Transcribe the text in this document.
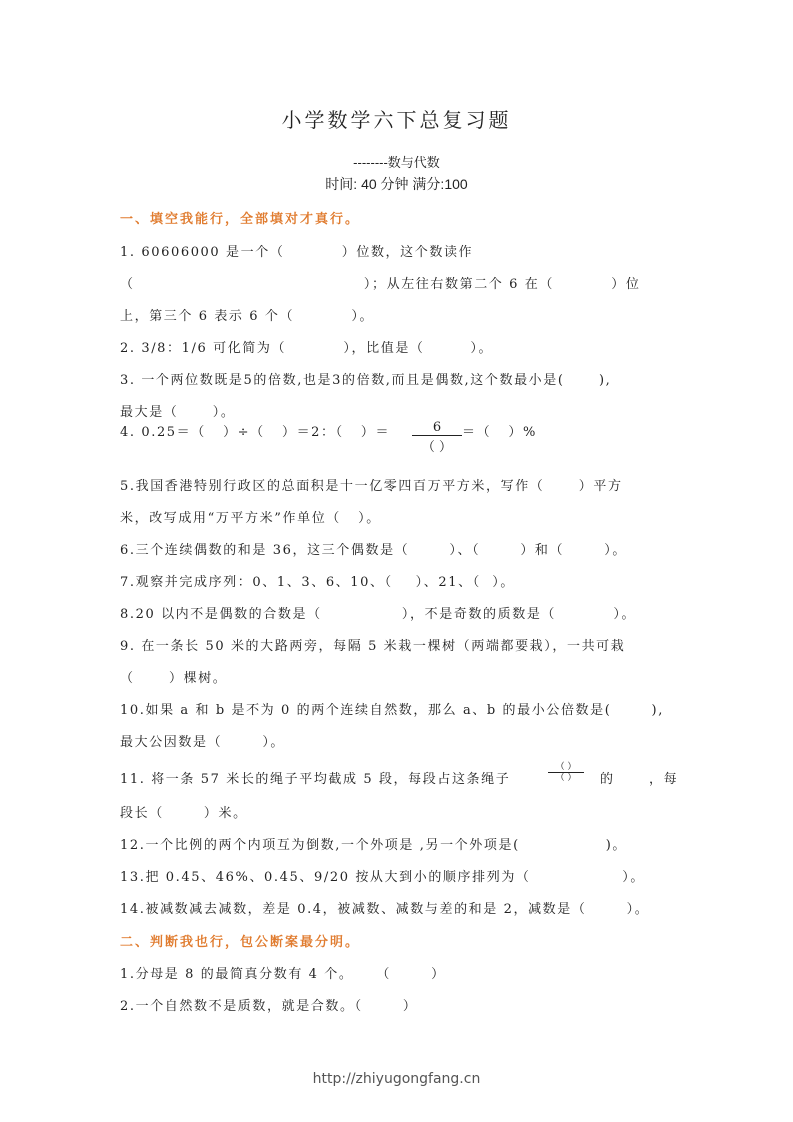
小学数学六下总复习题
--------数与代数
时间: 40 分钟 满分:100
一、填空我能行，全部填对才真行。
1. 60606000 是一个（          ）位数，这个数读作
（                                        ）；从左往右数第二个 6 在（          ）位
上，第三个 6 表示 6 个（          ）。
2. 3/8：1/6 可化简为（          ），比值是（        ）。
3. 一个两位数既是5的倍数,也是3的倍数,而且是偶数,这个数最小是(      ),
最大是（      ）。
4. 0.25＝（   ）÷（   ）＝2：（   ）＝	6
（ ）
＝（   ）%
5.我国香港特别行政区的总面积是十一亿零四百万平方米，写作（      ）平方
米，改写成用“万平方米”作单位（   ）。
6.三个连续偶数的和是 36，这三个偶数是（       ）、（       ）和（       ）。
7.观察并完成序列：0、1、3、6、10、（    ）、21、（  ）。
8.20 以内不是偶数的合数是（              ），不是奇数的质数是（          ）。
9. 在一条长 50 米的大路两旁，每隔 5 米栽一棵树（两端都要栽），一共可栽
（      ）棵树。
10.如果 a 和 b 是不为 0 的两个连续自然数，那么 a、b 的最小公倍数是(       ),
最大公因数是（       ）。
11. 将一条 57 米长的绳子平均截成 5 段，每段占这条绳子
（ ）
（ ）	的      ，每
段长（       ）米。
12.一个比例的两个内项互为倒数,一个外项是 ,另一个外项是(               )。
13.把 0.45、46%、0.45、9/20 按从大到小的顺序排列为（                ）。
14.被减数减去减数，差是 0.4，被减数、减数与差的和是 2，减数是（       ）。
二、判断我也行，包公断案最分明。
1.分母是 8 的最简真分数有 4 个。    （       ）
2.一个自然数不是质数，就是合数。（       ）
http://zhiyugongfang.cn
